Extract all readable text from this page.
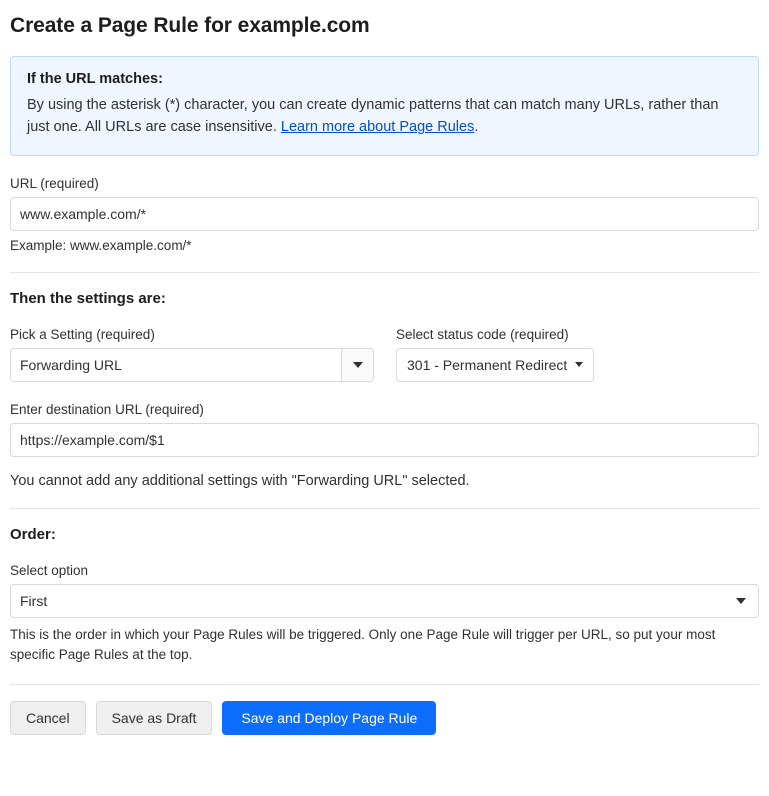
Create a Page Rule for example.com
If the URL matches:
By using the asterisk (*) character, you can create dynamic patterns that can match many URLs, rather than just one. All URLs are case insensitive. Learn more about Page Rules.
URL (required)
www.example.com/*
Example: www.example.com/*
Then the settings are:
Pick a Setting (required)
Forwarding URL
Select status code (required)
301 - Permanent Redirect
Enter destination URL (required)
https://example.com/$1
You cannot add any additional settings with "Forwarding URL" selected.
Order:
Select option
First
This is the order in which your Page Rules will be triggered. Only one Page Rule will trigger per URL, so put your most specific Page Rules at the top.
Cancel	Save as Draft	Save and Deploy Page Rule
